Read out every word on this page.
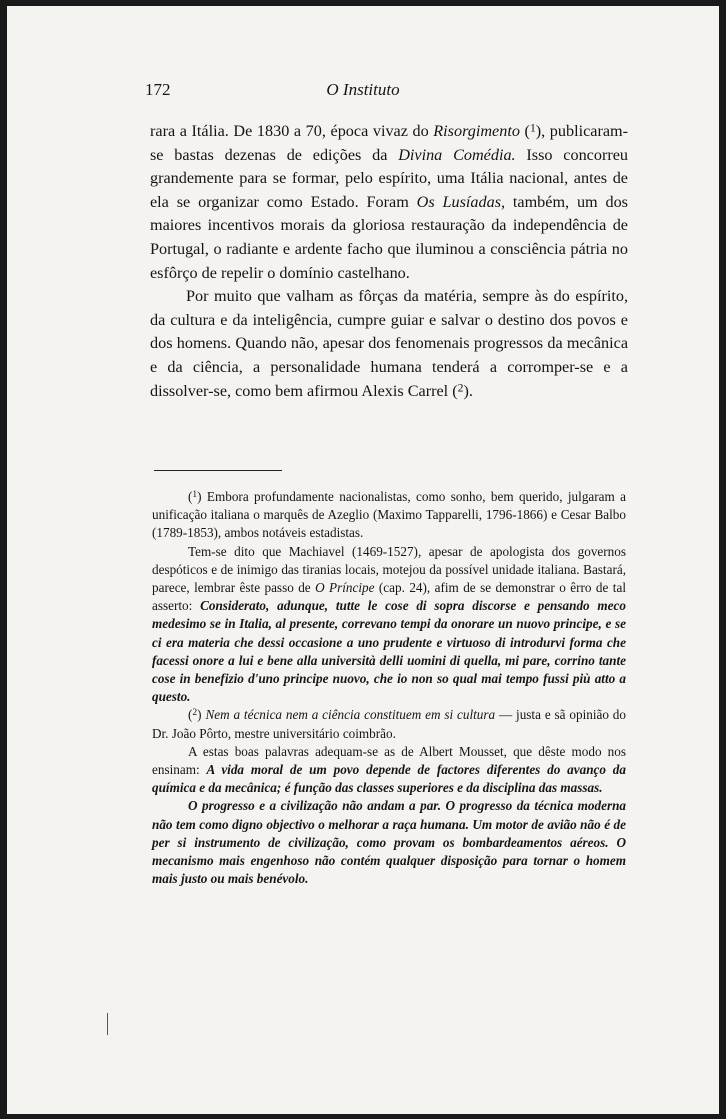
172	O Instituto

rara a Itália. De 1830 a 70, época vivaz do Risorgimento ($^1$), publicaram-se bastas dezenas de edições da Divina Comédia. Isso concorreu grandemente para se formar, pelo espírito, uma Itália nacional, antes de ela se organizar como Estado. Foram Os Lusíadas, também, um dos maiores incentivos morais da gloriosa restauração da independência de Portugal, o radiante e ardente facho que iluminou a consciência pátria no esfôrço de repelir o domínio castelhano.

Por muito que valham as fôrças da matéria, sempre às do espírito, da cultura e da inteligência, cumpre guiar e salvar o destino dos povos e dos homens. Quando não, apesar dos fenomenais progressos da mecânica e da ciência, a personalidade humana tenderá a corromper-se e a dissolver-se, como bem afirmou Alexis Carrel ($^2$).

($^1$) Embora profundamente nacionalistas, como sonho, bem querido, julgaram a unificação italiana o marquês de Azeglio (Maximo Tapparelli, 1796-1866) e Cesar Balbo (1789-1853), ambos notáveis estadistas.

Tem-se dito que Machiavel (1469-1527), apesar de apologista dos governos despóticos e de inimigo das tiranias locais, motejou da possível unidade italiana. Bastará, parece, lembrar êste passo de O Príncipe (cap. 24), afim de se demonstrar o êrro de tal asserto: Considerato, adunque, tutte le cose di sopra discorse e pensando meco medesimo se in Italia, al presente, correvano tempi da onorare un nuovo principe, e se ci era materia che dessi occasione a uno prudente e virtuoso di introdurvi forma che facessi onore a lui e bene alla università delli uomini di quella, mi pare, corrino tante cose in benefizio d'uno principe nuovo, che io non so qual mai tempo fussi più atto a questo.

($^2$) Nem a técnica nem a ciência constituem em si cultura — justa e sã opinião do Dr. João Pôrto, mestre universitário coimbrão.

A estas boas palavras adequam-se as de Albert Mousset, que dêste modo nos ensinam: A vida moral de um povo depende de factores diferentes do avanço da química e da mecânica; é função das classes superiores e da disciplina das massas.

O progresso e a civilização não andam a par. O progresso da técnica moderna não tem como digno objectivo o melhorar a raça humana. Um motor de avião não é de per si instrumento de civilização, como provam os bombardeamentos aéreos. O mecanismo mais engenhoso não contém qualquer disposição para tornar o homem mais justo ou mais benévolo.
